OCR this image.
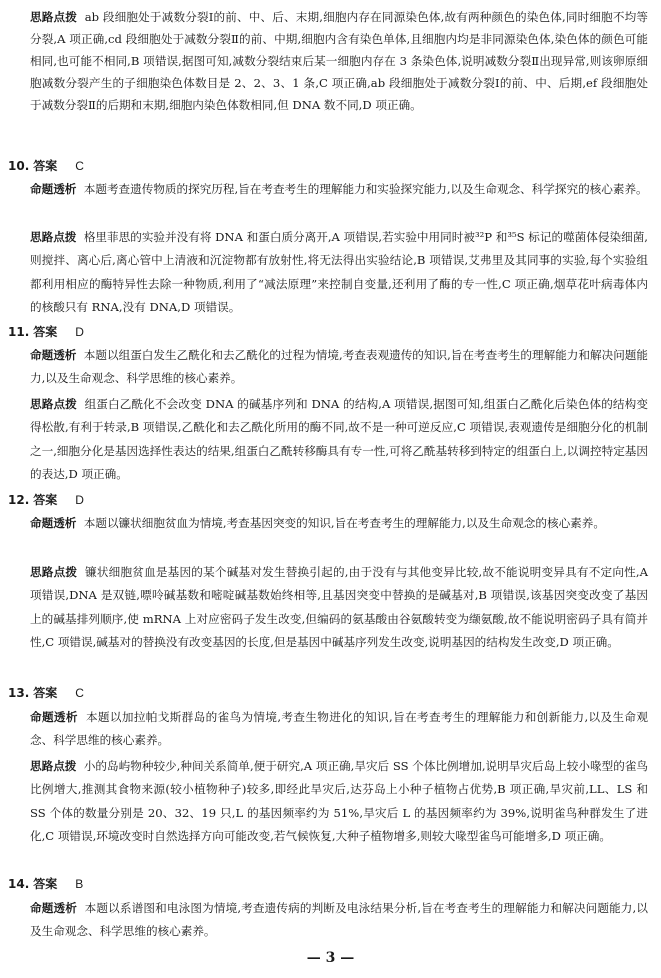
思路点拨 ab 段细胞处于减数分裂Ⅰ的前、中、后、末期,细胞内存在同源染色体,故有两种颜色的染色体,同时细胞不均等分裂,A 项正确,cd 段细胞处于减数分裂Ⅱ的前、中期,细胞内含有染色单体,且细胞内均是非同源染色体,染色体的颜色可能相同,也可能不相同,B 项错误,据图可知,减数分裂结束后某一细胞内存在 3 条染色体,说明减数分裂Ⅱ出现异常,则该卵原细胞减数分裂产生的子细胞染色体数目是 2、2、3、1 条,C 项正确,ab 段细胞处于减数分裂Ⅰ的前、中、后期,ef 段细胞处于减数分裂Ⅱ的后期和末期,细胞内染色体数相同,但 DNA 数不同,D 项正确。
10. 答案 C
命题透析 本题考查遗传物质的探究历程,旨在考查考生的理解能力和实验探究能力,以及生命观念、科学探究的核心素养。
思路点拨 格里菲思的实验并没有将 DNA 和蛋白质分离开,A 项错误,若实验中用同时被³²P 和³⁵S 标记的噬菌体侵染细菌,则搅拌、离心后,离心管中上清液和沉淀物都有放射性,将无法得出实验结论,B 项错误,艾弗里及其同事的实验,每个实验组都利用相应的酶特异性去除一种物质,利用了“减法原理”来控制自变量,还利用了酶的专一性,C 项正确,烟草花叶病毒体内的核酸只有 RNA,没有 DNA,D 项错误。
11. 答案 D
命题透析 本题以组蛋白发生乙酰化和去乙酰化的过程为情境,考查表观遗传的知识,旨在考查考生的理解能力和解决问题能力,以及生命观念、科学思维的核心素养。
思路点拨 组蛋白乙酰化不会改变 DNA 的碱基序列和 DNA 的结构,A 项错误,据图可知,组蛋白乙酰化后染色体的结构变得松散,有利于转录,B 项错误,乙酰化和去乙酰化所用的酶不同,故不是一种可逆反应,C 项错误,表观遗传是细胞分化的机制之一,细胞分化是基因选择性表达的结果,组蛋白乙酰转移酶具有专一性,可将乙酰基转移到特定的组蛋白上,以调控特定基因的表达,D 项正确。
12. 答案 D
命题透析 本题以镰状细胞贫血为情境,考查基因突变的知识,旨在考查考生的理解能力,以及生命观念的核心素养。
思路点拨 镰状细胞贫血是基因的某个碱基对发生替换引起的,由于没有与其他变异比较,故不能说明变异具有不定向性,A 项错误,DNA 是双链,嘌呤碱基数和嘧啶碱基数始终相等,且基因突变中替换的是碱基对,B 项错误,该基因突变改变了基因上的碱基排列顺序,使 mRNA 上对应密码子发生改变,但编码的氨基酸由谷氨酸转变为缬氨酸,故不能说明密码子具有简并性,C 项错误,碱基对的替换没有改变基因的长度,但是基因中碱基序列发生改变,说明基因的结构发生改变,D 项正确。
13. 答案 C
命题透析 本题以加拉帕戈斯群岛的雀鸟为情境,考查生物进化的知识,旨在考查考生的理解能力和创新能力,以及生命观念、科学思维的核心素养。
思路点拨 小的岛屿物种较少,种间关系简单,便于研究,A 项正确,旱灾后 SS 个体比例增加,说明旱灾后岛上较小喙型的雀鸟比例增大,推测其食物来源(较小植物种子)较多,即经此旱灾后,达芬岛上小种子植物占优势,B 项正确,旱灾前,LL、LS 和 SS 个体的数量分别是 20、32、19 只,L 的基因频率约为 51%,旱灾后 L 的基因频率约为 39%,说明雀鸟种群发生了进化,C 项错误,环境改变时自然选择方向可能改变,若气候恢复,大种子植物增多,则较大喙型雀鸟可能增多,D 项正确。
14. 答案 B
命题透析 本题以系谱图和电泳图为情境,考查遗传病的判断及电泳结果分析,旨在考查考生的理解能力和解决问题能力,以及生命观念、科学思维的核心素养。
— 3 —
